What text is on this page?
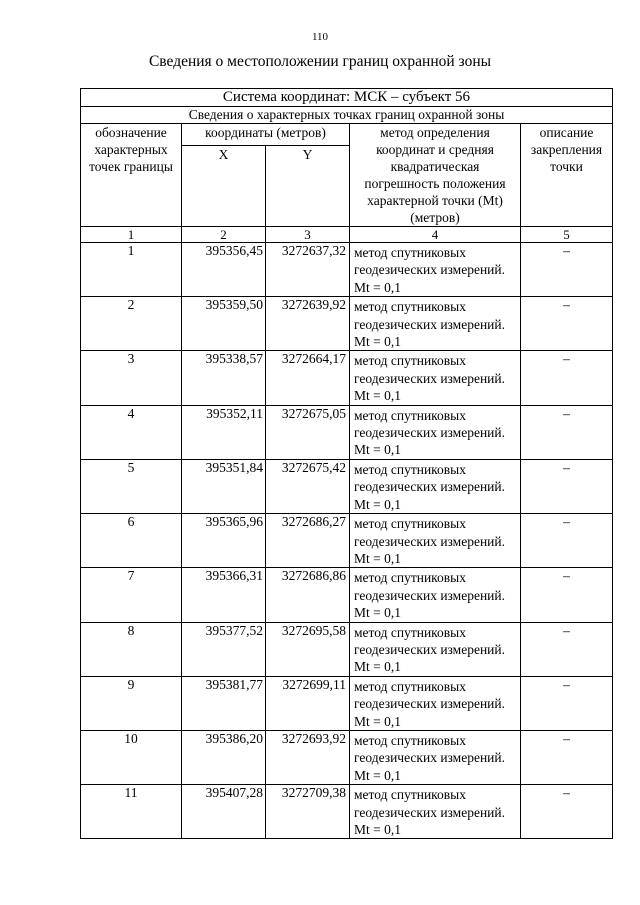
110
Сведения о местоположении границ охранной зоны
Система координат: МСК – субъект 56				
Сведения о характерных точках границ охранной зоны				
обозначение характерных точек границы	координаты (метров)		метод определения координат и средняя квадратическая погрешность положения характерной точки (Mt) (метров)	описание закрепления точки
	X	Y		
1	2	3	4	5
1	395356,45	3272637,32	метод спутниковых геодезических измерений. Mt = 0,1	–
2	395359,50	3272639,92	метод спутниковых геодезических измерений. Mt = 0,1	–
3	395338,57	3272664,17	метод спутниковых геодезических измерений. Mt = 0,1	–
4	395352,11	3272675,05	метод спутниковых геодезических измерений. Mt = 0,1	–
5	395351,84	3272675,42	метод спутниковых геодезических измерений. Mt = 0,1	–
6	395365,96	3272686,27	метод спутниковых геодезических измерений. Mt = 0,1	–
7	395366,31	3272686,86	метод спутниковых геодезических измерений. Mt = 0,1	–
8	395377,52	3272695,58	метод спутниковых геодезических измерений. Mt = 0,1	–
9	395381,77	3272699,11	метод спутниковых геодезических измерений. Mt = 0,1	–
10	395386,20	3272693,92	метод спутниковых геодезических измерений. Mt = 0,1	–
11	395407,28	3272709,38	метод спутниковых геодезических измерений. Mt = 0,1	–
